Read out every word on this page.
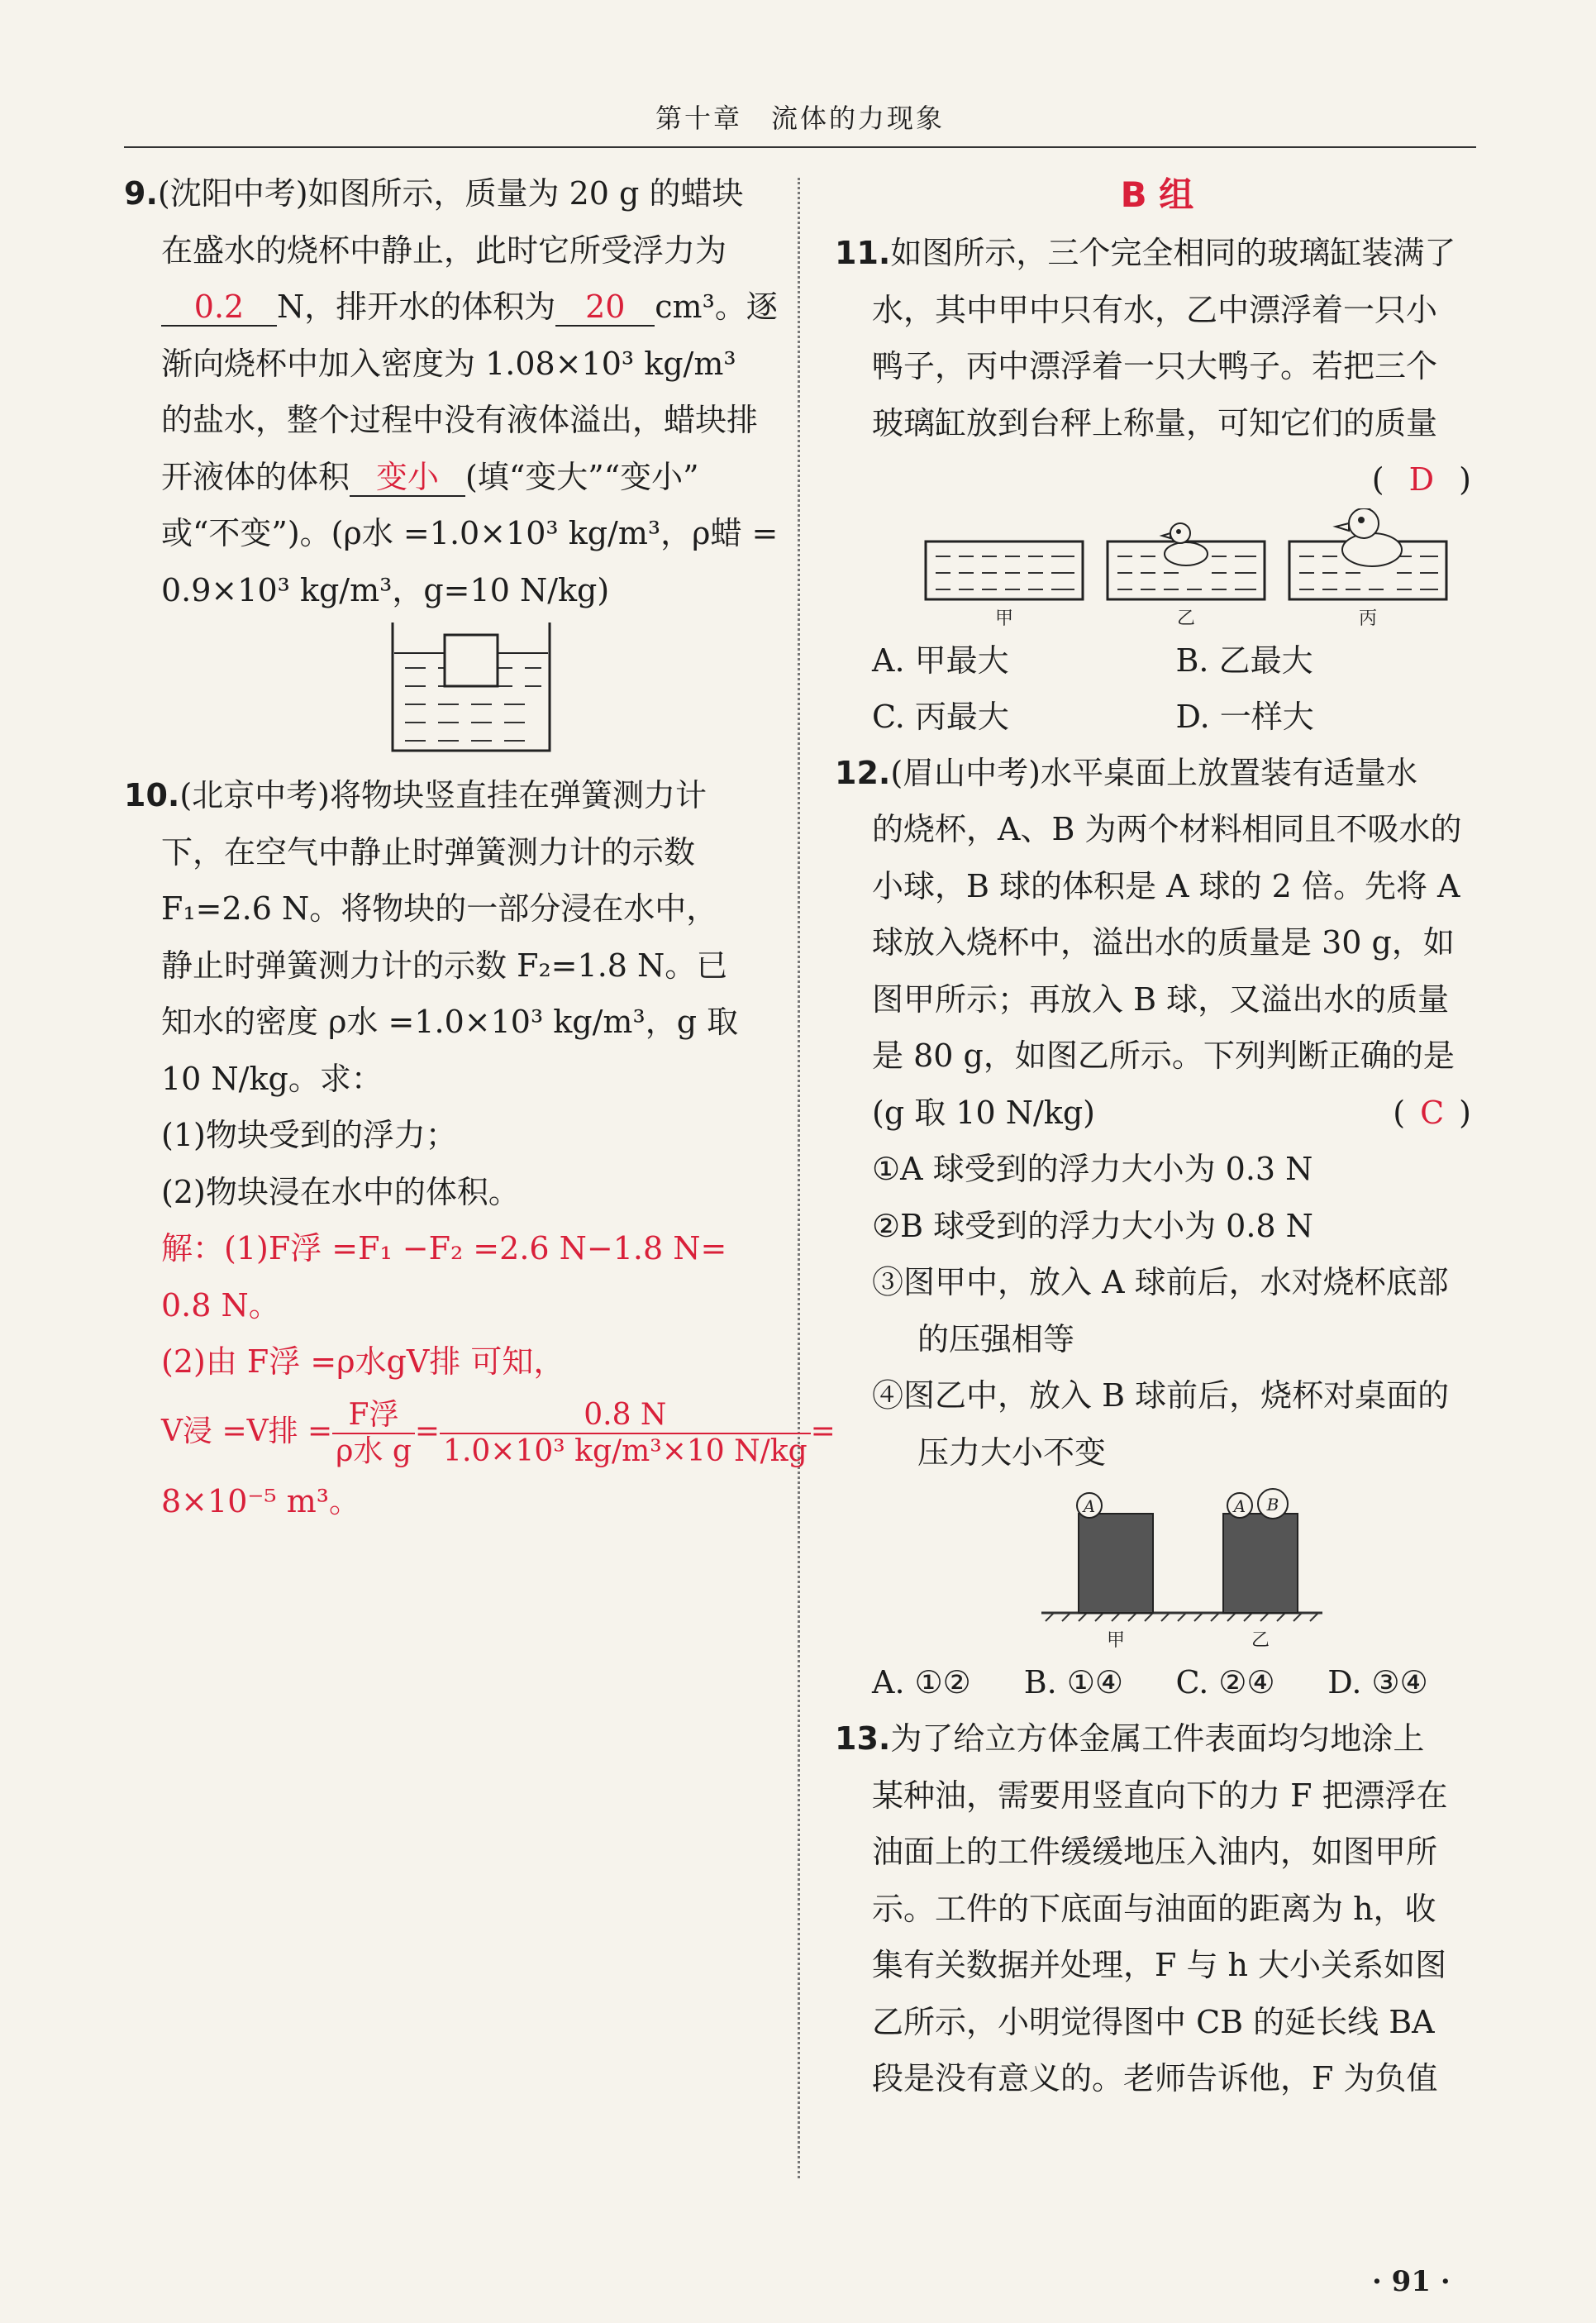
第十章　流体的力现象
9.(沈阳中考)如图所示，质量为 20 g 的蜡块
在盛水的烧杯中静止，此时它所受浮力为
0.2 N，排开水的体积为 20 cm³。逐
渐向烧杯中加入密度为 1.08×10³ kg/m³
的盐水，整个过程中没有液体溢出，蜡块排
开液体的体积 变小 (填“变大”“变小”
或“不变”)。(ρ水 =1.0×10³ kg/m³，ρ蜡 =
0.9×10³ kg/m³，g=10 N/kg)
10.(北京中考)将物块竖直挂在弹簧测力计
下，在空气中静止时弹簧测力计的示数
F₁=2.6 N。将物块的一部分浸在水中，
静止时弹簧测力计的示数 F₂=1.8 N。已
知水的密度 ρ水 =1.0×10³ kg/m³，g 取
10 N/kg。求：
(1)物块受到的浮力；
(2)物块浸在水中的体积。
解：(1)F浮 =F₁ −F₂ =2.6 N−1.8 N=
0.8 N。
(2)由 F浮 =ρ水gV排 可知，
V浸 =V排 = $\frac{\text{F浮}}{\text{ρ水 g}} = \frac{0.8 N}{\text{1.0×10³ kg/m³×10 N/kg}}$ =
8×10⁻⁵ m³。
B 组
11.如图所示，三个完全相同的玻璃缸装满了
水，其中甲中只有水，乙中漂浮着一只小
鸭子，丙中漂浮着一只大鸭子。若把三个
玻璃缸放到台秤上称量，可知它们的质量
( D )
甲	乙	丙
A. 甲最大	B. 乙最大
C. 丙最大	D. 一样大
12.(眉山中考)水平桌面上放置装有适量水
的烧杯，A、B 为两个材料相同且不吸水的
小球，B 球的体积是 A 球的 2 倍。先将 A
球放入烧杯中，溢出水的质量是 30 g，如
图甲所示；再放入 B 球，又溢出水的质量
是 80 g，如图乙所示。下列判断正确的是
(g 取 10 N/kg)	( C )
①A 球受到的浮力大小为 0.3 N
②B 球受到的浮力大小为 0.8 N
③图甲中，放入 A 球前后，水对烧杯底部
的压强相等
④图乙中，放入 B 球前后，烧杯对桌面的
压力大小不变
A	A B
甲	乙
A. ①②	B. ①④	C. ②④	D. ③④
13.为了给立方体金属工件表面均匀地涂上
某种油，需要用竖直向下的力 F 把漂浮在
油面上的工件缓缓地压入油内，如图甲所
示。工件的下底面与油面的距离为 h，收
集有关数据并处理，F 与 h 大小关系如图
乙所示，小明觉得图中 CB 的延长线 BA
段是没有意义的。老师告诉他，F 为负值
· 91 ·
